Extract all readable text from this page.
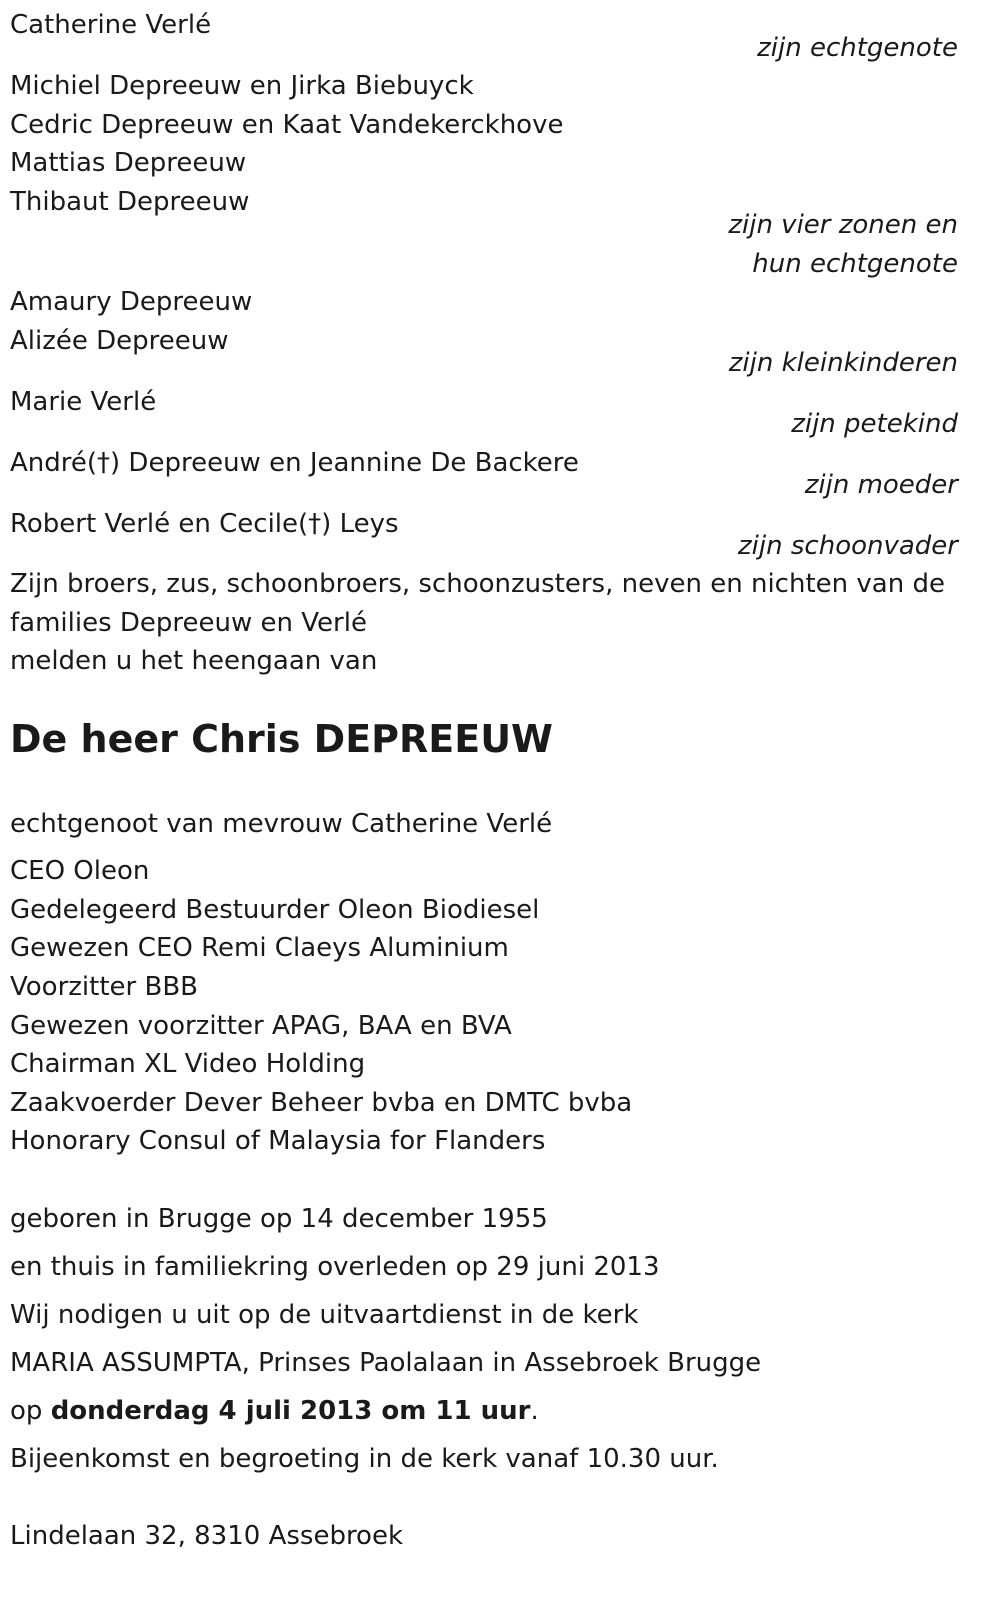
Catherine Verlé
zijn echtgenote
Michiel Depreeuw en Jirka Biebuyck
Cedric Depreeuw en Kaat Vandekerckhove
Mattias Depreeuw
Thibaut Depreeuw
zijn vier zonen en
hun echtgenote
Amaury Depreeuw
Alizée Depreeuw
zijn kleinkinderen
Marie Verlé
zijn petekind
André(†) Depreeuw en Jeannine De Backere
zijn moeder
Robert Verlé en Cecile(†) Leys
zijn schoonvader
Zijn broers, zus, schoonbroers, schoonzusters, neven en nichten van de
families Depreeuw en Verlé
melden u het heengaan van
De heer Chris DEPREEUW
echtgenoot van mevrouw Catherine Verlé
CEO Oleon
Gedelegeerd Bestuurder Oleon Biodiesel
Gewezen CEO Remi Claeys Aluminium
Voorzitter BBB
Gewezen voorzitter APAG, BAA en BVA
Chairman XL Video Holding
Zaakvoerder Dever Beheer bvba en DMTC bvba
Honorary Consul of Malaysia for Flanders
geboren in Brugge op 14 december 1955
en thuis in familiekring overleden op 29 juni 2013
Wij nodigen u uit op de uitvaartdienst in de kerk
MARIA ASSUMPTA, Prinses Paolalaan in Assebroek Brugge
op donderdag 4 juli 2013 om 11 uur.
Bijeenkomst en begroeting in de kerk vanaf 10.30 uur.
Lindelaan 32, 8310 Assebroek
